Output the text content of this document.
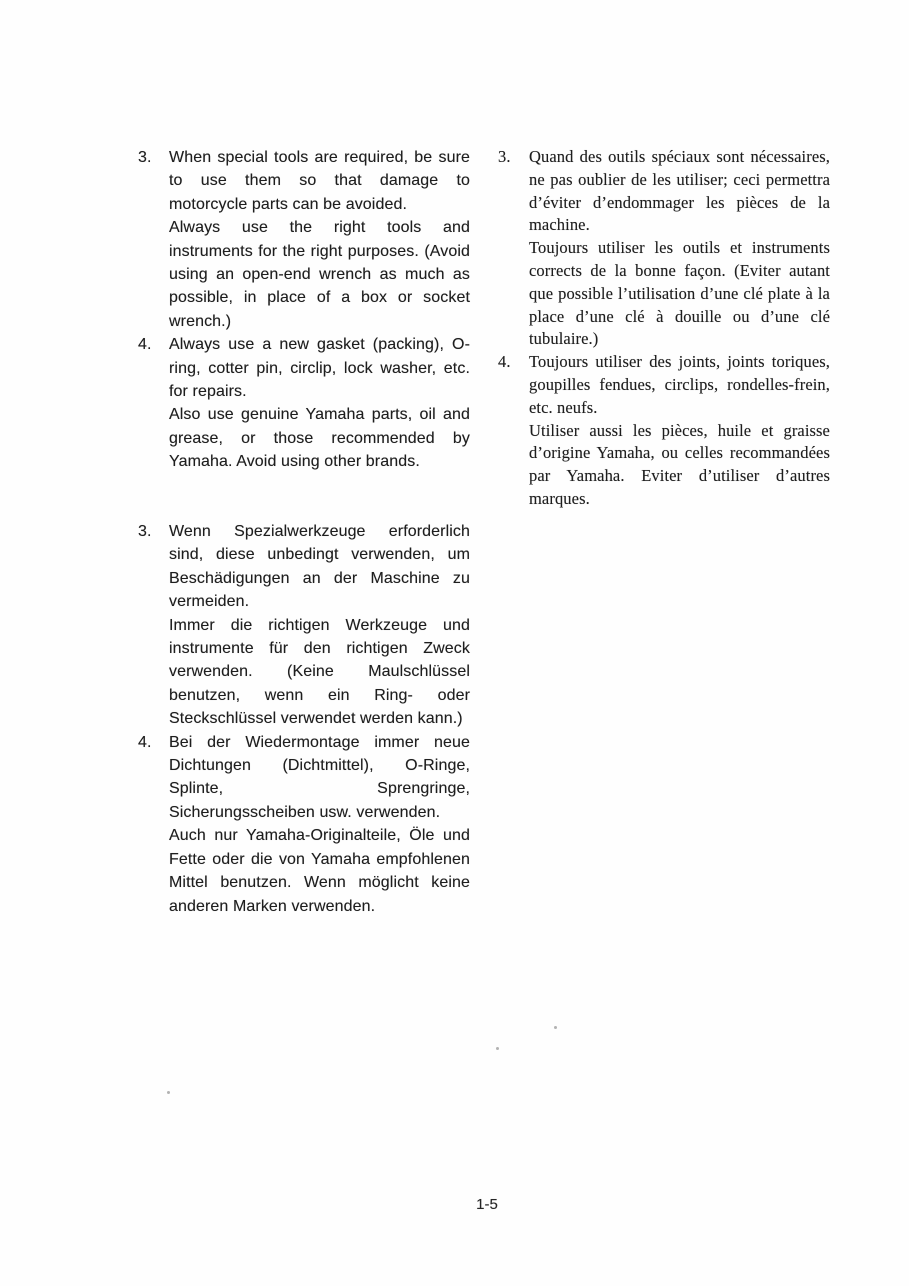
3.	When special tools are required, be sure to use them so that damage to motorcycle parts can be avoided.

Always use the right tools and instruments for the right purposes. (Avoid using an open-end wrench as much as possible, in place of a box or socket wrench.)

4.	Always use a new gasket (packing), O-ring, cotter pin, circlip, lock washer, etc. for repairs.

Also use genuine Yamaha parts, oil and grease, or those recommended by Yamaha. Avoid using other brands.

3.	Quand des outils spéciaux sont nécessaires, ne pas oublier de les utiliser; ceci permettra d’éviter d’endommager les pièces de la machine.

Toujours utiliser les outils et instruments corrects de la bonne façon. (Eviter autant que possible l’utilisation d’une clé plate à la place d’une clé à douille ou d’une clé tubulaire.)

4.	Toujours utiliser des joints, joints toriques, goupilles fendues, circlips, rondelles-frein, etc. neufs.

Utiliser aussi les pièces, huile et graisse d’origine Yamaha, ou celles recommandées par Yamaha. Eviter d’utiliser d’autres marques.

3.	Wenn Spezialwerkzeuge erforderlich sind, diese unbedingt verwenden, um Beschädigungen an der Maschine zu vermeiden.

Immer die richtigen Werkzeuge und instrumente für den richtigen Zweck verwenden. (Keine Maulschlüssel benutzen, wenn ein Ring- oder Steckschlüssel verwendet werden kann.)

4.	Bei der Wiedermontage immer neue Dichtungen (Dichtmittel), O-Ringe, Splinte, Sprengringe, Sicherungsscheiben usw. verwenden.

Auch nur Yamaha-Originalteile, Öle und Fette oder die von Yamaha empfohlenen Mittel benutzen. Wenn möglicht keine anderen Marken verwenden.

1-5
